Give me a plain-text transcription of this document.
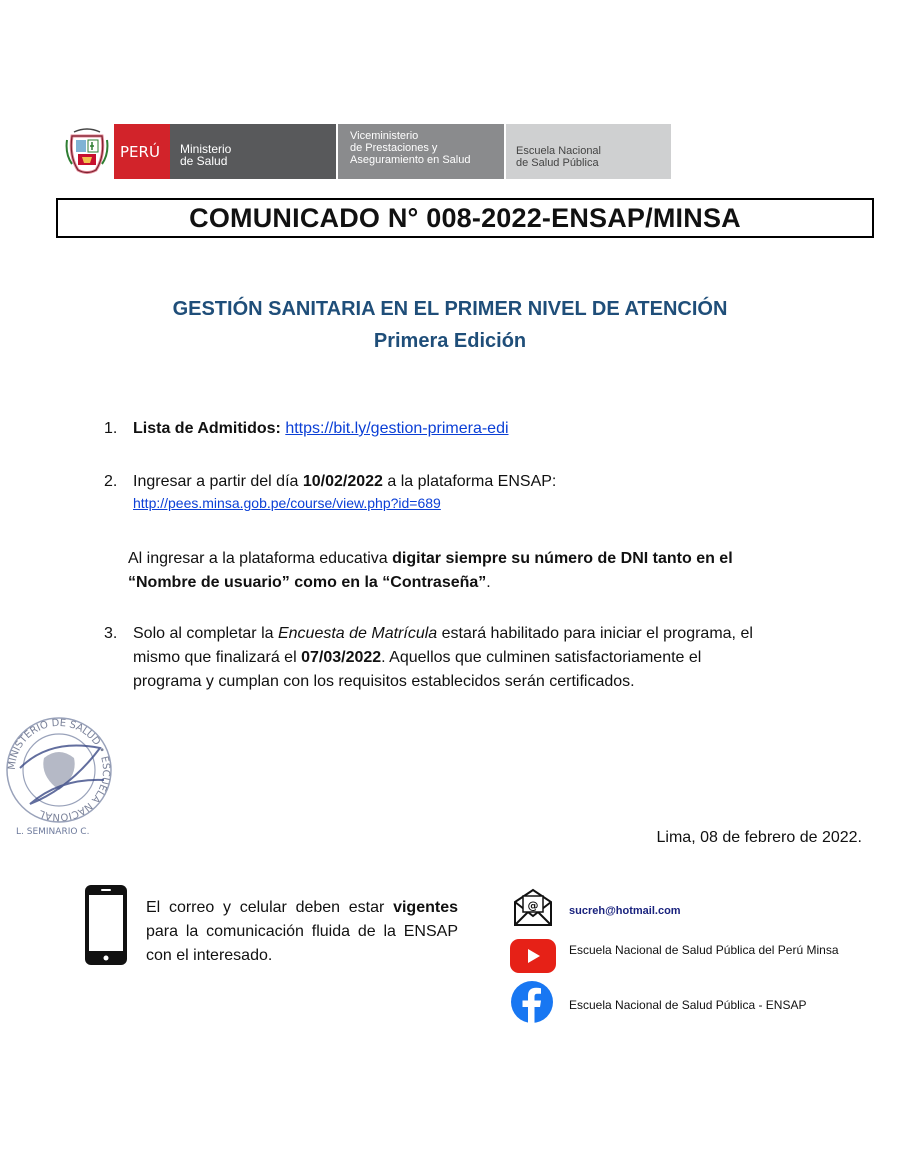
PERÚ	Ministerio
de Salud
Viceministerio
de Prestaciones y
Aseguramiento en Salud
Escuela Nacional
de Salud Pública
COMUNICADO N° 008-2022-ENSAP/MINSA
GESTIÓN SANITARIA EN EL PRIMER NIVEL DE ATENCIÓN
Primera Edición
1. Lista de Admitidos: https://bit.ly/gestion-primera-edi
2. Ingresar a partir del día 10/02/2022 a la plataforma ENSAP:
http://pees.minsa.gob.pe/course/view.php?id=689
Al ingresar a la plataforma educativa digitar siempre su número de DNI tanto en el
“Nombre de usuario” como en la “Contraseña”.
3. Solo al completar la Encuesta de Matrícula estará habilitado para iniciar el programa, el
mismo que finalizará el 07/03/2022. Aquellos que culminen satisfactoriamente el
programa y cumplan con los requisitos establecidos serán certificados.
MINISTERIO DE SALUD • ESCUELA NACIONAL
L. SEMINARIO C.	Lima, 08 de febrero de 2022.
El correo y celular deben estar vigentes para la comunicación fluida de la ENSAP con el interesado.
@	sucreh@hotmail.com
Escuela Nacional de Salud Pública del Perú Minsa
Escuela Nacional de Salud Pública - ENSAP
